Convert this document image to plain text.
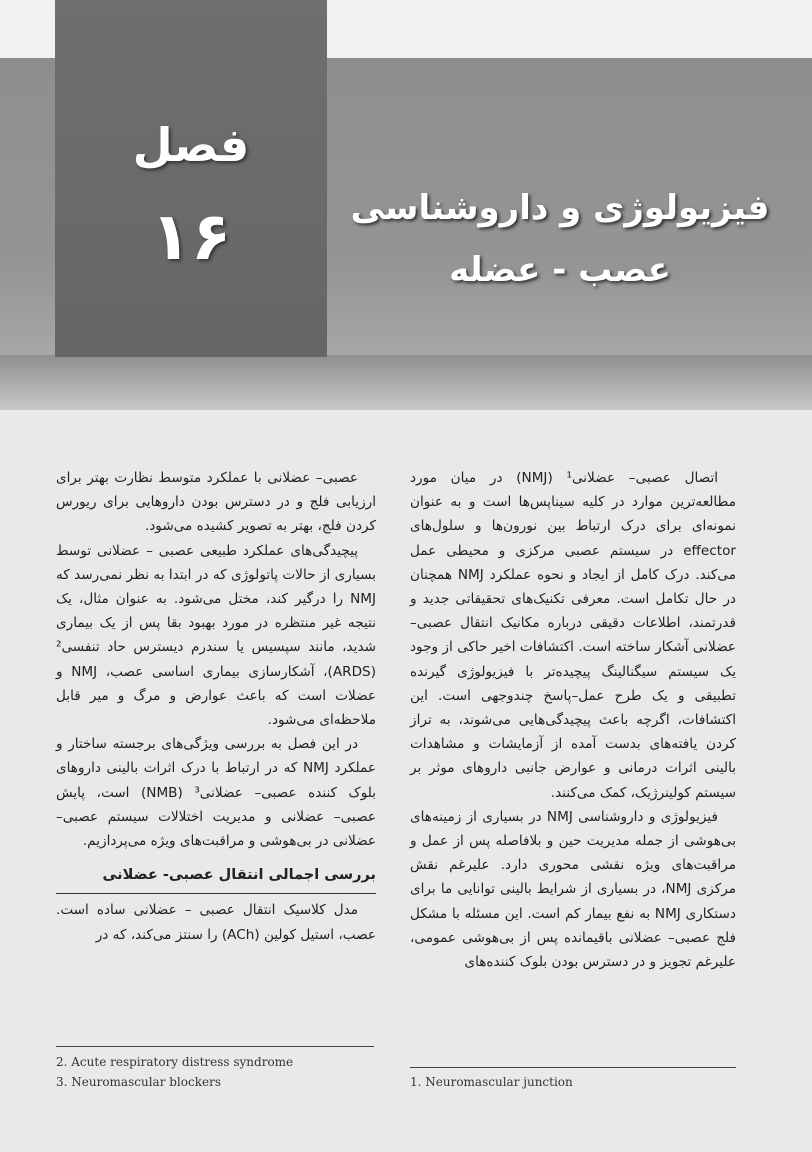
فصل
۱۶	فیزیولوژی و داروشناسی
عصب - عضله

اتصال عصبی– عضلانی¹ (NMJ) در میان مورد مطالعه‌ترین موارد در کلیه سیناپس‌ها است و به عنوان نمونه‌ای برای درک ارتباط بین نورون‌ها و سلول‌های effector در سیستم عصبی مرکزی و محیطی عمل می‌کند. درک کامل از ایجاد و نحوه عملکرد NMJ همچنان در حال تکامل است. معرفی تکنیک‌های تحقیقاتی جدید و قدرتمند، اطلاعات دقیقی درباره مکانیک انتقال عصبی– عضلانی آشکار ساخته است. اکتشافات اخیر حاکی از وجود یک سیستم سیگنالینگ پیچیده‌تر با فیزیولوژی گیرنده تطبیقی و یک طرح عمل–پاسخ چندوجهی است. این اکتشافات، اگرچه باعث پیچیدگی‌هایی می‌شوند، به تراز کردن یافته‌های بدست آمده از آزمایشات و مشاهدات بالینی اثرات درمانی و عوارض جانبی داروهای موثر بر سیستم کولینرژیک، کمک می‌کنند.

فیزیولوژی و داروشناسی NMJ در بسیاری از زمینه‌های بی‌هوشی از جمله مدیریت حین و بلافاصله پس از عمل و مراقبت‌های ویژه نقشی محوری دارد. علیرغم نقش مرکزی NMJ، در بسیاری از شرایط بالینی توانایی ما برای دستکاری NMJ به نفع بیمار کم است. این مسئله با مشکل فلج عصبی– عضلانی باقیمانده پس از بی‌هوشی عمومی، علیرغم تجویز و در دسترس بودن بلوک کننده‌های

عصبی– عضلانی با عملکرد متوسط نظارت بهتر برای ارزیابی فلج و در دسترس بودن داروهایی برای ریورس کردن فلج، بهتر به تصویر کشیده می‌شود.

پیچیدگی‌های عملکرد طبیعی عصبی – عضلانی توسط بسیاری از حالات پاتولوژی که در ابتدا به نظر نمی‌رسد که NMJ را درگیر کند، مختل می‌شود. به عنوان مثال، یک نتیجه غیر منتظره در مورد بهبود بقا پس از یک بیماری شدید، مانند سپسیس یا سندرم دیسترس حاد تنفسی² (ARDS)، آشکارسازی بیماری اساسی عصب، NMJ و عضلات است که باعث عوارض و مرگ و میر قابل ملاحظه‌ای می‌شود.

در این فصل به بررسی ویژگی‌های برجسته ساختار و عملکرد NMJ که در ارتباط با درک اثرات بالینی داروهای بلوک کننده عصبی– عضلانی³ (NMB) است، پایش عصبی– عضلانی و مدیریت اختلالات سیستم عصبی– عضلانی در بی‌هوشی و مراقبت‌های ویژه می‌پردازیم.

بررسی اجمالی انتقال عصبی- عضلانی

مدل کلاسیک انتقال عصبی – عضلانی ساده است. عصب، استیل کولین (ACh) را سنتز می‌کند، که در

2. Acute respiratory distress syndrome
3. Neuromascular blockers	1. Neuromascular junction
